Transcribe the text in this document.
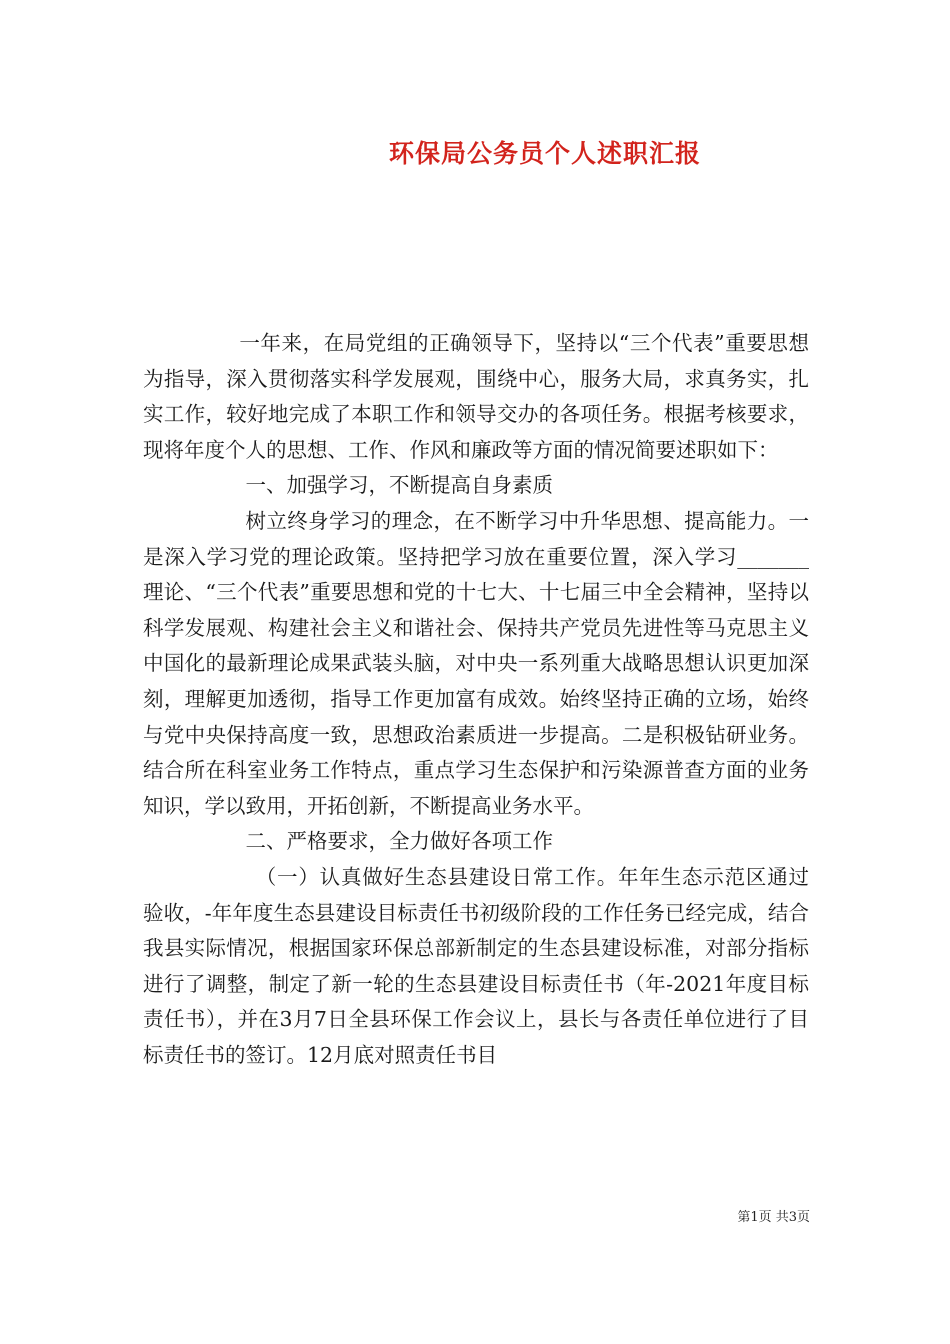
环保局公务员个人述职汇报

一年来，在局党组的正确领导下，坚持以“三个代表”重要思想为指导，深入贯彻落实科学发展观，围绕中心，服务大局，求真务实，扎实工作，较好地完成了本职工作和领导交办的各项任务。根据考核要求，现将年度个人的思想、工作、作风和廉政等方面的情况简要述职如下：

一、加强学习，不断提高自身素质

树立终身学习的理念，在不断学习中升华思想、提高能力。一是深入学习党的理论政策。坚持把学习放在重要位置，深入学习_______理论、“三个代表”重要思想和党的十七大、十七届三中全会精神，坚持以科学发展观、构建社会主义和谐社会、保持共产党员先进性等马克思主义中国化的最新理论成果武装头脑，对中央一系列重大战略思想认识更加深刻，理解更加透彻，指导工作更加富有成效。始终坚持正确的立场，始终与党中央保持高度一致，思想政治素质进一步提高。二是积极钻研业务。结合所在科室业务工作特点，重点学习生态保护和污染源普查方面的业务知识，学以致用，开拓创新，不断提高业务水平。

二、严格要求，全力做好各项工作

（一）认真做好生态县建设日常工作。年年生态示范区通过验收，-年年度生态县建设目标责任书初级阶段的工作任务已经完成，结合我县实际情况，根据国家环保总部新制定的生态县建设标准，对部分指标进行了调整，制定了新一轮的生态县建设目标责任书（年-2021年度目标责任书），并在3月7日全县环保工作会议上，县长与各责任单位进行了目标责任书的签订。12月底对照责任书目

第1页 共3页
